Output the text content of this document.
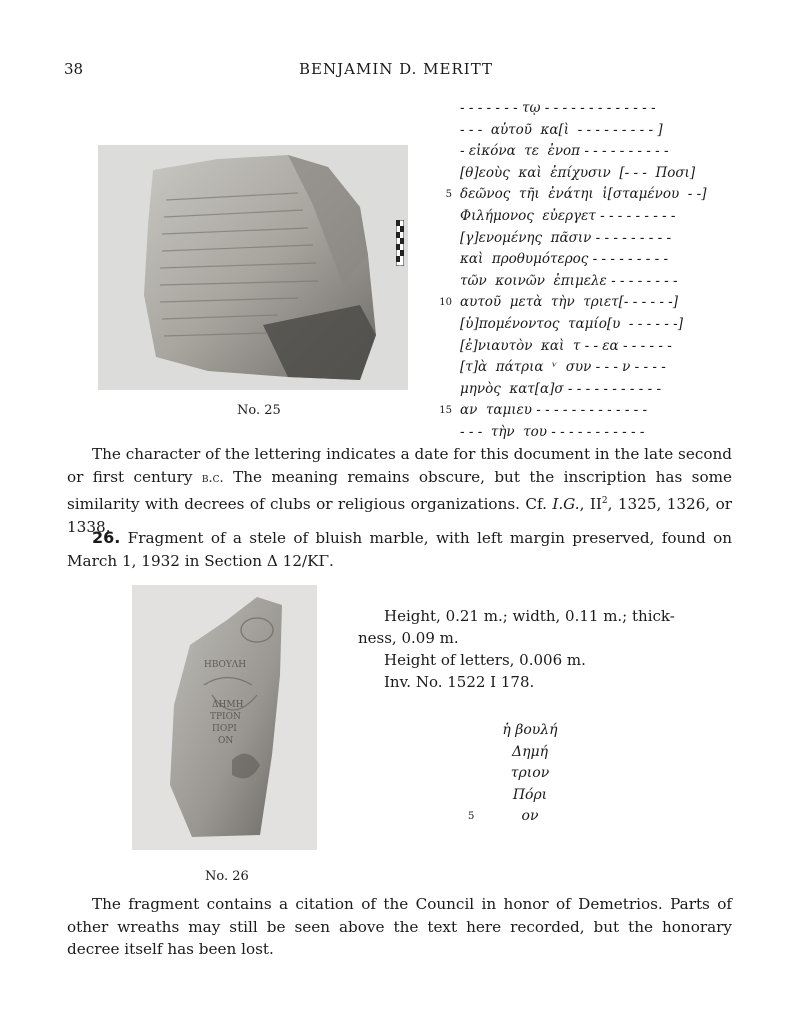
38	BENJAMIN D. MERITT
No. 25
- - - - - - - τῳ - - - - - - - - - - - - -
- - -  αὐτοῦ  κα[ὶ  - - - - - - - - - ]
- εἰκόνα  τε  ἐνοπ - - - - - - - - - -
[θ]εοὺς  καὶ  ἐπίχυσιν  [- - -  Ποσι]
5 δεῶνος  τῆι  ἐνάτηι  ἱ[σταμένου  - -]
Φιλήμονος  εὐεργετ - - - - - - - - -
[γ]ενομένης  πᾶσιν - - - - - - - - -
καὶ  προθυμότερος - - - - - - - - -
τῶν  κοινῶν  ἐπιμελε - - - - - - - -
10 αυτοῦ  μετὰ  τὴν  τριετ[- - - - - -]
[ὑ]πομένοντος  ταμίο[υ  - - - - - -]
[ἐ]νιαυτὸν  καὶ  τ - - εα - - - - - -
[τ]ὰ  πάτρια  ᵛ  συν - - - ν - - - -
μηνὸς  κατ[α]σ - - - - - - - - - - -
15 αν  ταμιευ - - - - - - - - - - - - -
- - -  τὴν  του - - - - - - - - - - -
The character of the lettering indicates a date for this document in the late second or first century b.c. The meaning remains obscure, but the inscription has some similarity with decrees of clubs or religious organizations. Cf. I.G., $II^2$, 1325, 1326, or 1338.
26. Fragment of a stele of bluish marble, with left margin preserved, found on March 1, 1932 in Section Δ 12/ΚΓ.
ΗΒΟΥΛΗ
ΔΗΜΗ
ΤΡΙΟΝ
ΠΟΡΙ
ΟΝ
No. 26
Height, 0.21 m.; width, 0.11 m.; thick-
ness, 0.09 m.
Height of letters, 0.006 m.
Inv. No. 1522 I 178.
ἡ βουλή
Δημή
τριον
Πόρι
5	ον
The fragment contains a citation of the Council in honor of Demetrios. Parts of other wreaths may still be seen above the text here recorded, but the honorary decree itself has been lost.
